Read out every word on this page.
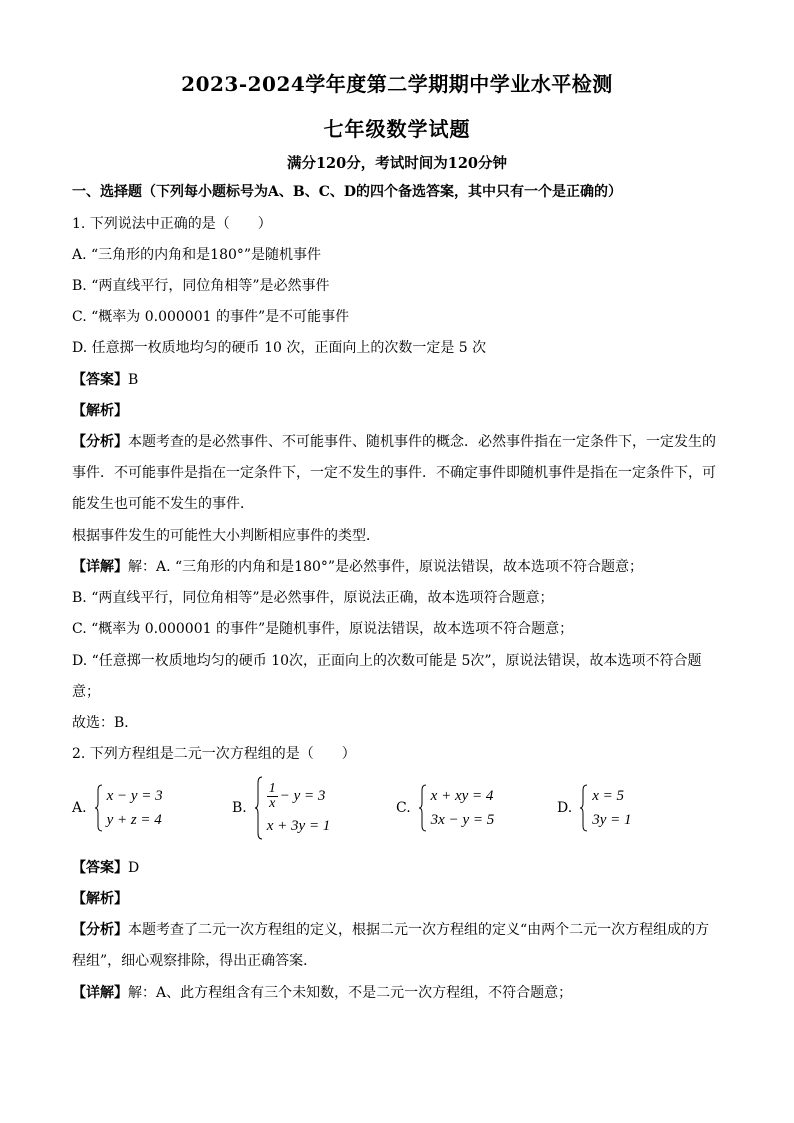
2023-2024学年度第二学期期中学业水平检测
七年级数学试题
满分120分，考试时间为120分钟
一、选择题（下列每小题标号为A、B、C、D的四个备选答案，其中只有一个是正确的）
1. 下列说法中正确的是（　　）
A. “三角形的内角和是180°”是随机事件
B. “两直线平行，同位角相等”是必然事件
C. “概率为 0.000001 的事件”是不可能事件
D. 任意掷一枚质地均匀的硬币 10 次，正面向上的次数一定是 5 次
【答案】B
【解析】
【分析】本题考查的是必然事件、不可能事件、随机事件的概念．必然事件指在一定条件下，一定发生的
事件．不可能事件是指在一定条件下，一定不发生的事件．不确定事件即随机事件是指在一定条件下，可
能发生也可能不发生的事件．
根据事件发生的可能性大小判断相应事件的类型．
【详解】解：A. “三角形的内角和是180°”是必然事件，原说法错误，故本选项不符合题意；
B. “两直线平行，同位角相等”是必然事件，原说法正确，故本选项符合题意；
C. “概率为 0.000001 的事件”是随机事件，原说法错误，故本选项不符合题意；
D. “任意掷一枚质地均匀的硬币 10次，正面向上的次数可能是 5次”，原说法错误，故本选项不符合题
意；
故选：B．
2. 下列方程组是二元一次方程组的是（　　）
A.
x − y = 3
y + z = 4
B. $\frac{1}{x} - y = 3$
x + 3y = 1
C.
x + xy = 4
3x − y = 5
D.
x = 5
3y = 1
【答案】D
【解析】
【分析】本题考查了二元一次方程组的定义，根据二元一次方程组的定义“由两个二元一次方程组成的方
程组”，细心观察排除，得出正确答案．
【详解】解：A、此方程组含有三个未知数，不是二元一次方程组，不符合题意；
